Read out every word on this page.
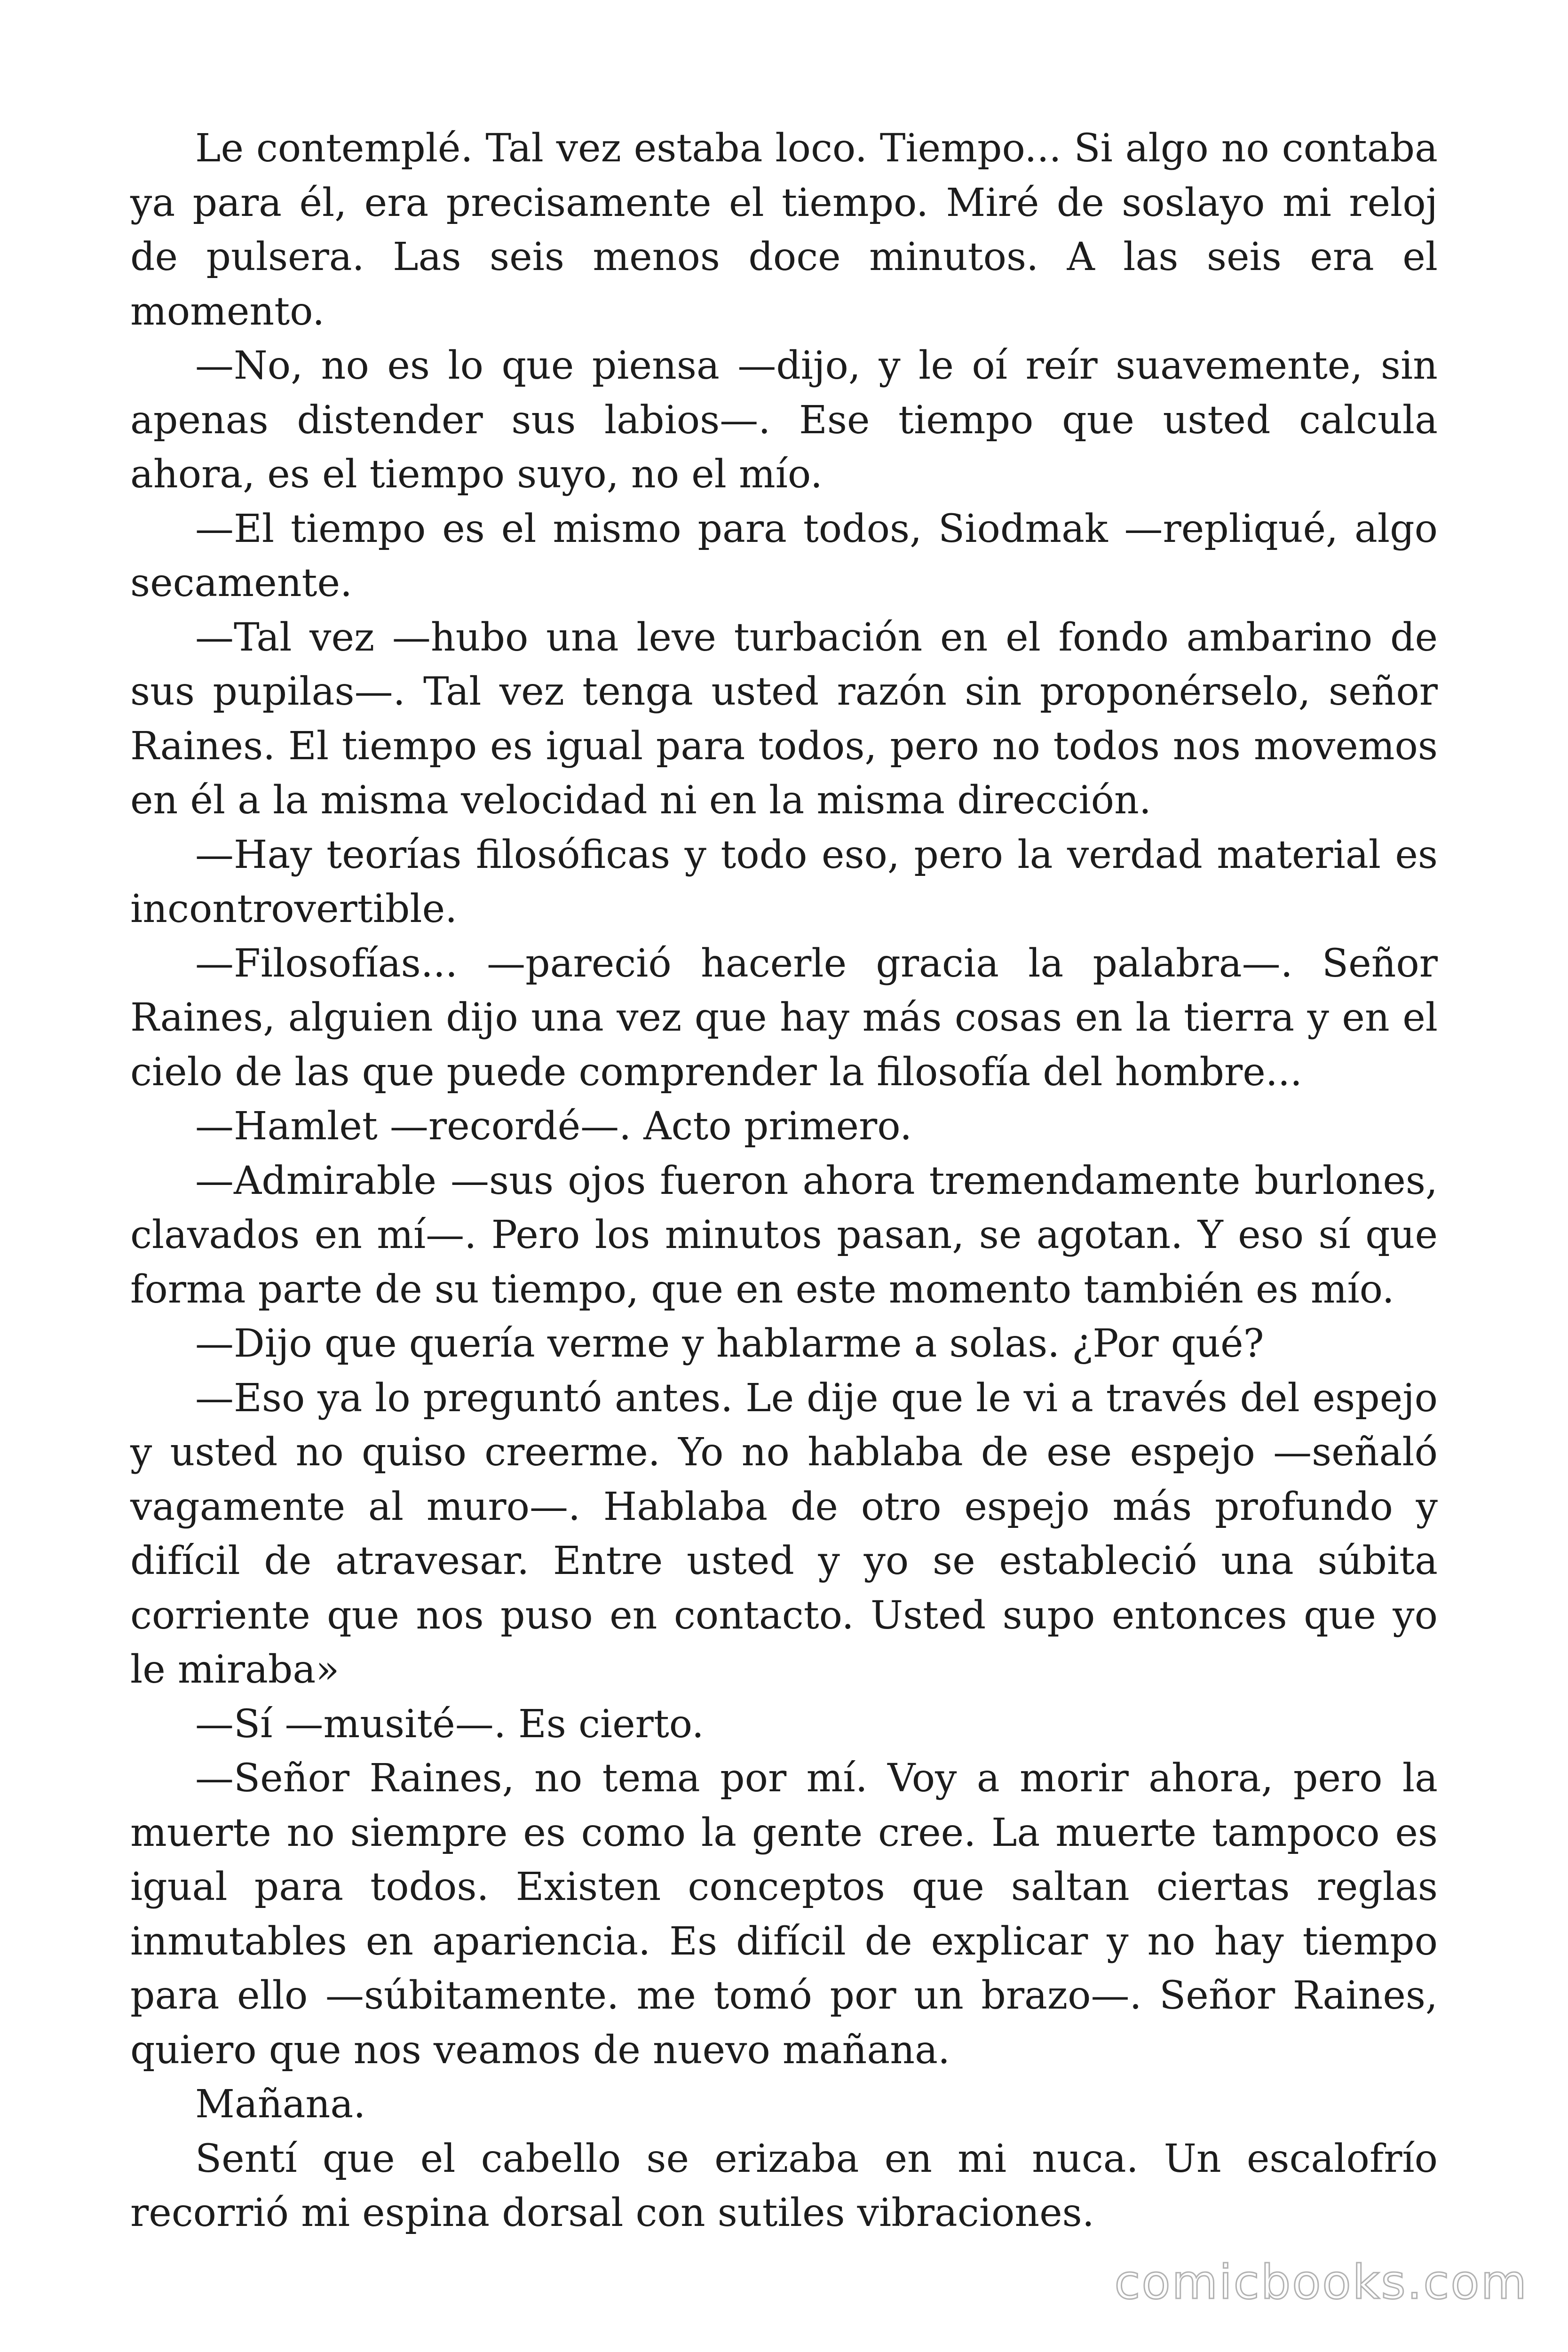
Le contemplé. Tal vez estaba loco. Tiempo... Si algo no contaba ya para él, era precisamente el tiempo. Miré de soslayo mi reloj de pulsera. Las seis menos doce minutos. A las seis era el momento.

—No, no es lo que piensa —dijo, y le oí reír suavemente, sin apenas distender sus labios—. Ese tiempo que usted calcula ahora, es el tiempo suyo, no el mío.

—El tiempo es el mismo para todos, Siodmak —repliqué, algo secamente.

—Tal vez —hubo una leve turbación en el fondo ambarino de sus pupilas—. Tal vez tenga usted razón sin proponérselo, señor Raines. El tiempo es igual para todos, pero no todos nos movemos en él a la misma velocidad ni en la misma dirección.

—Hay teorías filosóficas y todo eso, pero la verdad material es incontrovertible.

—Filosofías... —pareció hacerle gracia la palabra—. Señor Raines, alguien dijo una vez que hay más cosas en la tierra y en el cielo de las que puede comprender la filosofía del hombre...

—Hamlet —recordé—. Acto primero.

—Admirable —sus ojos fueron ahora tremendamente burlones, clavados en mí—. Pero los minutos pasan, se agotan. Y eso sí que forma parte de su tiempo, que en este momento también es mío.

—Dijo que quería verme y hablarme a solas. ¿Por qué?

—Eso ya lo preguntó antes. Le dije que le vi a través del espejo y usted no quiso creerme. Yo no hablaba de ese espejo —señaló vagamente al muro—. Hablaba de otro espejo más profundo y difícil de atravesar. Entre usted y yo se estableció una súbita corriente que nos puso en contacto. Usted supo entonces que yo le miraba»

—Sí —musité—. Es cierto.

—Señor Raines, no tema por mí. Voy a morir ahora, pero la muerte no siempre es como la gente cree. La muerte tampoco es igual para todos. Existen conceptos que saltan ciertas reglas inmutables en apariencia. Es difícil de explicar y no hay tiempo para ello —súbitamente. me tomó por un brazo—. Señor Raines, quiero que nos veamos de nuevo mañana.

Mañana.

Sentí que el cabello se erizaba en mi nuca. Un escalofrío recorrió mi espina dorsal con sutiles vibraciones.

comicbooks.com
